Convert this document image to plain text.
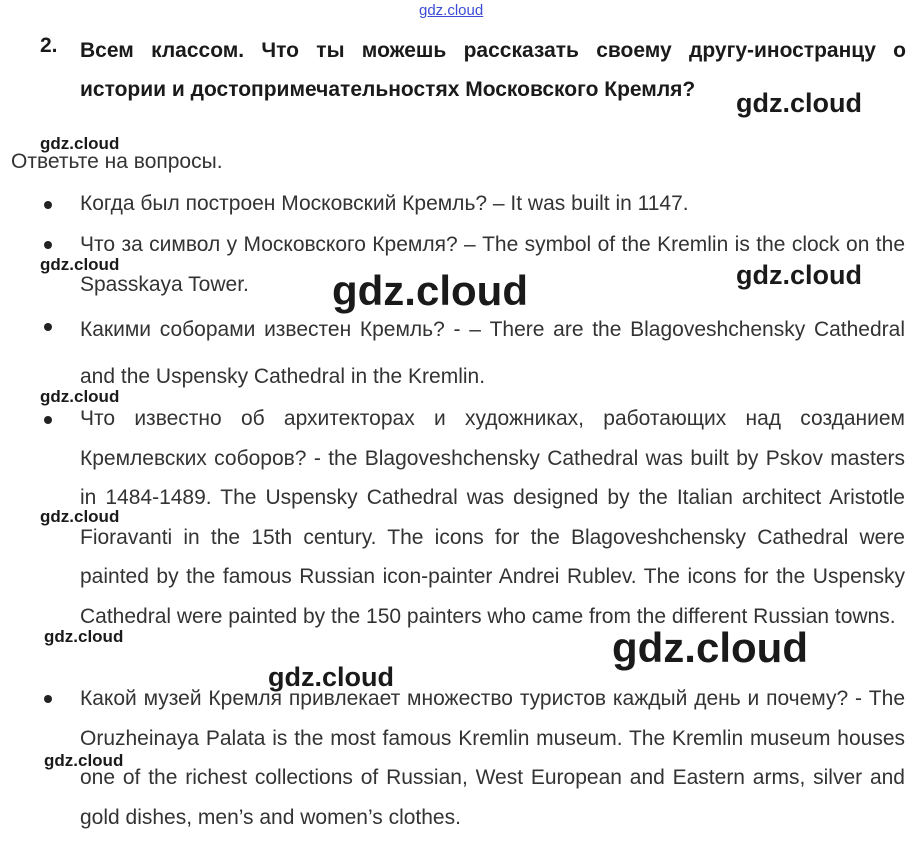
gdz.cloud
2. Всем классом. Что ты можешь рассказать своему другу-иностранцу о истории и достопримечательностях Московского Кремля?
Ответьте на вопросы.
Когда был построен Московский Кремль? – It was built in 1147.
Что за символ у Московского Кремля? – The symbol of the Kremlin is the clock on the Spasskaya Tower.
Какими соборами известен Кремль? - – There are the Blagoveshchensky Cathedral and the Uspensky Cathedral in the Kremlin.
Что известно об архитекторах и художниках, работающих над созданием Кремлевских соборов? - the Blagoveshchensky Cathedral was built by Pskov masters in 1484-1489. The Uspensky Cathedral was designed by the Italian architect Aristotle Fioravanti in the 15th century. The icons for the Blagoveshchensky Cathedral were painted by the famous Russian icon-painter Andrei Rublev. The icons for the Uspensky Cathedral were painted by the 150 painters who came from the different Russian towns.
Какой музей Кремля привлекает множество туристов каждый день и почему? - The Oruzheinaya Palata is the most famous Kremlin museum. The Kremlin museum houses one of the richest collections of Russian, West European and Eastern arms, silver and gold dishes, men’s and women’s clothes.
gdz.cloud
gdz.cloud
gdz.cloud	gdz.cloud
gdz.cloud
gdz.cloud
gdz.cloud
gdz.cloud	gdz.cloud
gdz.cloud
gdz.cloud
